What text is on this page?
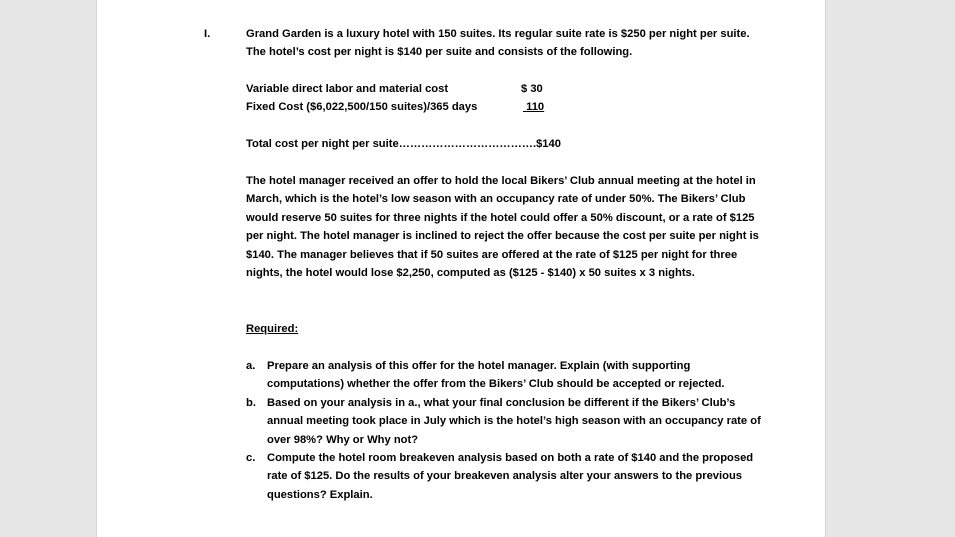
I.	Grand Garden is a luxury hotel with 150 suites. Its regular suite rate is $250 per night per suite. The hotel’s cost per night is $140 per suite and consists of the following.
Variable direct labor and material cost	$ 30
Fixed Cost ($6,022,500/150 suites)/365 days	110
Total cost per night per suite……………………………….$140
The hotel manager received an offer to hold the local Bikers’ Club annual meeting at the hotel in March, which is the hotel’s low season with an occupancy rate of under 50%. The Bikers’ Club would reserve 50 suites for three nights if the hotel could offer a 50% discount, or a rate of $125 per night. The hotel manager is inclined to reject the offer because the cost per suite per night is $140. The manager believes that if 50 suites are offered at the rate of $125 per night for three nights, the hotel would lose $2,250, computed as ($125 - $140) x 50 suites x 3 nights.
Required:
a. Prepare an analysis of this offer for the hotel manager. Explain (with supporting computations) whether the offer from the Bikers’ Club should be accepted or rejected.
b. Based on your analysis in a., what your final conclusion be different if the Bikers’ Club’s annual meeting took place in July which is the hotel’s high season with an occupancy rate of over 98%? Why or Why not?
c. Compute the hotel room breakeven analysis based on both a rate of $140 and the proposed rate of $125. Do the results of your breakeven analysis alter your answers to the previous questions? Explain.
